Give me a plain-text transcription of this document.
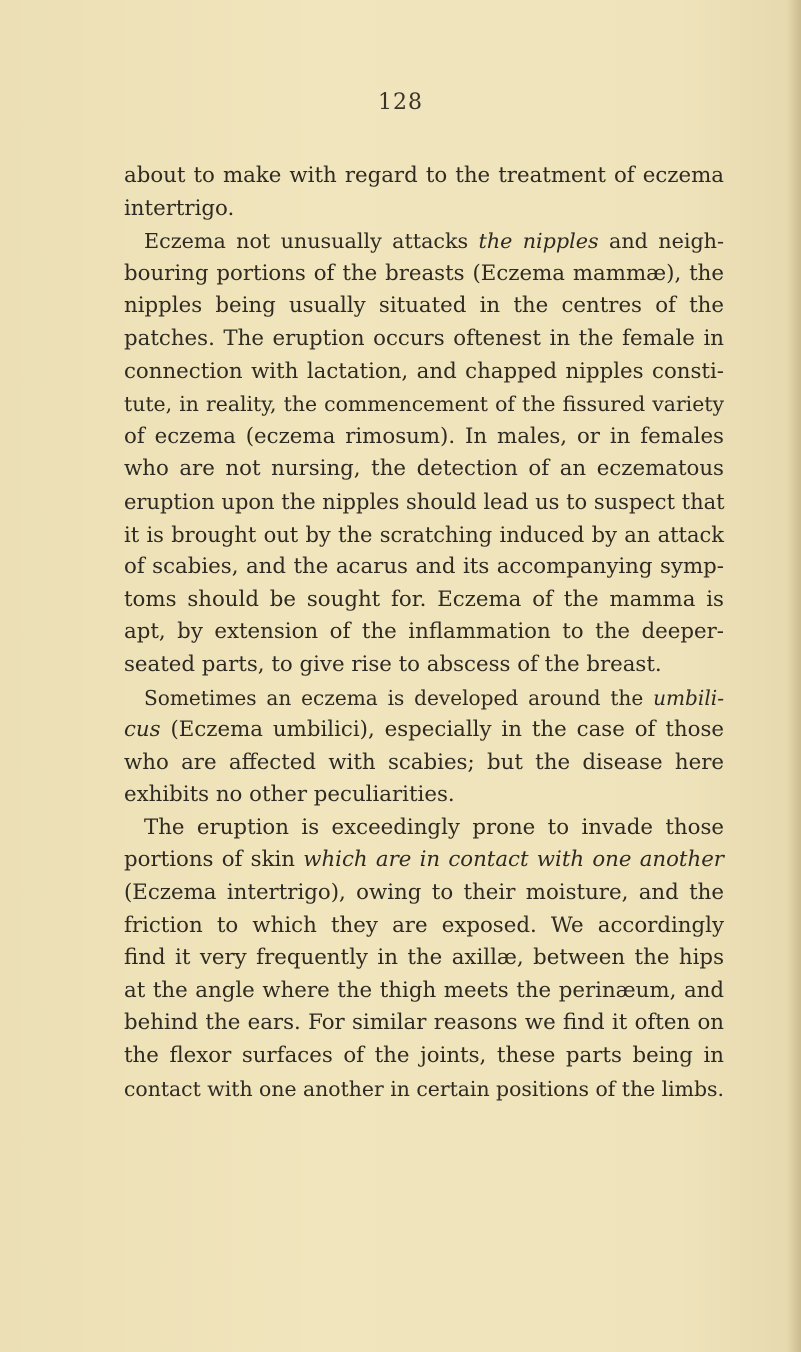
128
about to make with regard to the treatment of eczema
intertrigo.
Eczema not unusually attacks the nipples and neigh-
bouring portions of the breasts (Eczema mammæ), the
nipples being usually situated in the centres of the
patches. The eruption occurs oftenest in the female in
connection with lactation, and chapped nipples consti-
tute, in reality, the commencement of the fissured variety
of eczema (eczema rimosum). In males, or in females
who are not nursing, the detection of an eczematous
eruption upon the nipples should lead us to suspect that
it is brought out by the scratching induced by an attack
of scabies, and the acarus and its accompanying symp-
toms should be sought for. Eczema of the mamma is
apt, by extension of the inflammation to the deeper-
seated parts, to give rise to abscess of the breast.
Sometimes an eczema is developed around the umbili-
cus (Eczema umbilici), especially in the case of those
who are affected with scabies; but the disease here
exhibits no other peculiarities.
The eruption is exceedingly prone to invade those
portions of skin which are in contact with one another
(Eczema intertrigo), owing to their moisture, and the
friction to which they are exposed. We accordingly
find it very frequently in the axillæ, between the hips
at the angle where the thigh meets the perinæum, and
behind the ears. For similar reasons we find it often on
the flexor surfaces of the joints, these parts being in
contact with one another in certain positions of the limbs.
